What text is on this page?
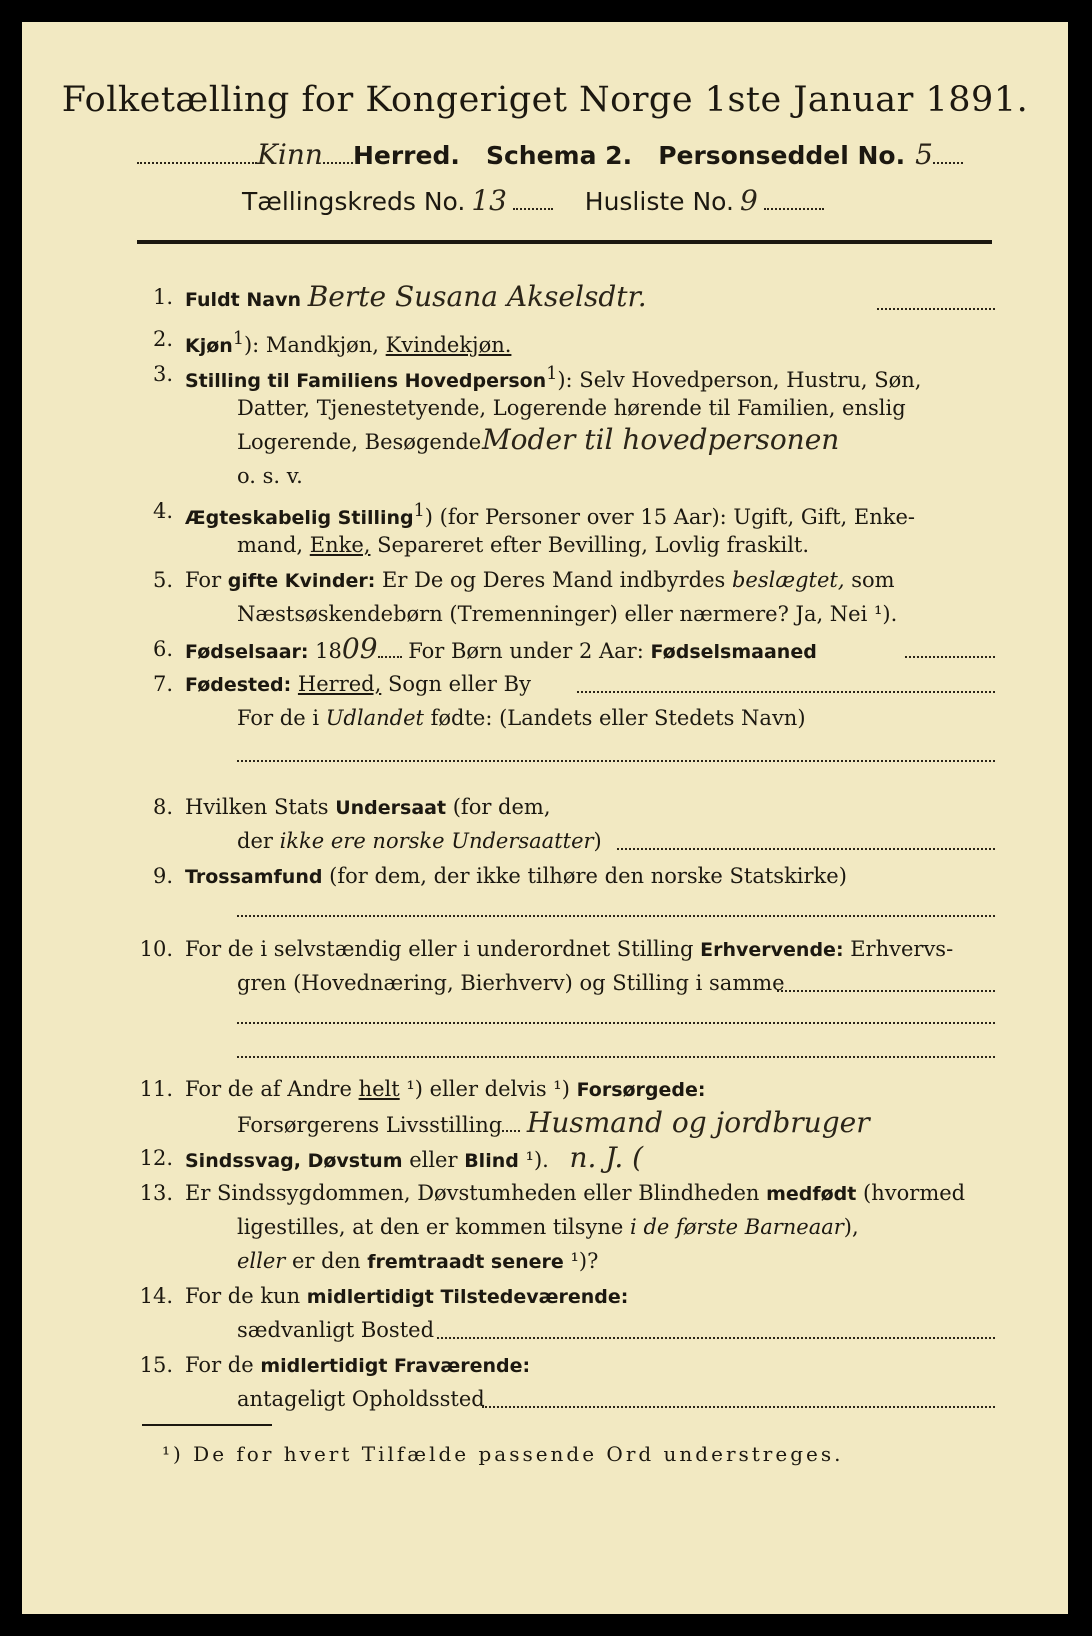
Folketælling for Kongeriget Norge 1ste Januar 1891.
Kinn Herred. Schema 2. Personseddel No. 5
Tællingskreds No. 13	Husliste No. 9
1. Fuldt Navn Berte Susana Akselsdtr.
2. Kjøn$^1$): Mandkjøn, Kvindekjøn.
3. Stilling til Familiens Hovedperson$^1$): Selv Hovedperson, Hustru, Søn,
Datter, Tjenestetyende, Logerende hørende til Familien, enslig
Logerende, Besøgende Moder til hovedpersonen
o. s. v.
4. Ægteskabelig Stilling$^1$) (for Personer over 15 Aar): Ugift, Gift, Enke-
mand, Enke, Separeret efter Bevilling, Lovlig fraskilt.
5. For gifte Kvinder: Er De og Deres Mand indbyrdes beslægtet, som
Næstsøskendebørn (Tremenninger) eller nærmere? Ja, Nei ¹).
6. Fødselsaar: 1809 For Børn under 2 Aar: Fødselsmaaned
7. Fødested: Herred, Sogn eller By
For de i Udlandet fødte: (Landets eller Stedets Navn)
8. Hvilken Stats Undersaat (for dem,
der ikke ere norske Undersaatter)
9. Trossamfund (for dem, der ikke tilhøre den norske Statskirke)
10. For de i selvstændig eller i underordnet Stilling Erhvervende: Erhvervs-
gren (Hovednæring, Bierhverv) og Stilling i samme
11. For de af Andre helt ¹) eller delvis ¹) Forsørgede:
Forsørgerens Livsstilling Husmand og jordbruger
12. Sindssvag, Døvstum eller Blind ¹). n. J. (
13. Er Sindssygdommen, Døvstumheden eller Blindheden medfødt (hvormed
ligestilles, at den er kommen tilsyne i de første Barneaar),
eller er den fremtraadt senere ¹)?
14. For de kun midlertidigt Tilstedeværende:
sædvanligt Bosted
15. For de midlertidigt Fraværende:
antageligt Opholdssted
¹) De for hvert Tilfælde passende Ord understreges.
